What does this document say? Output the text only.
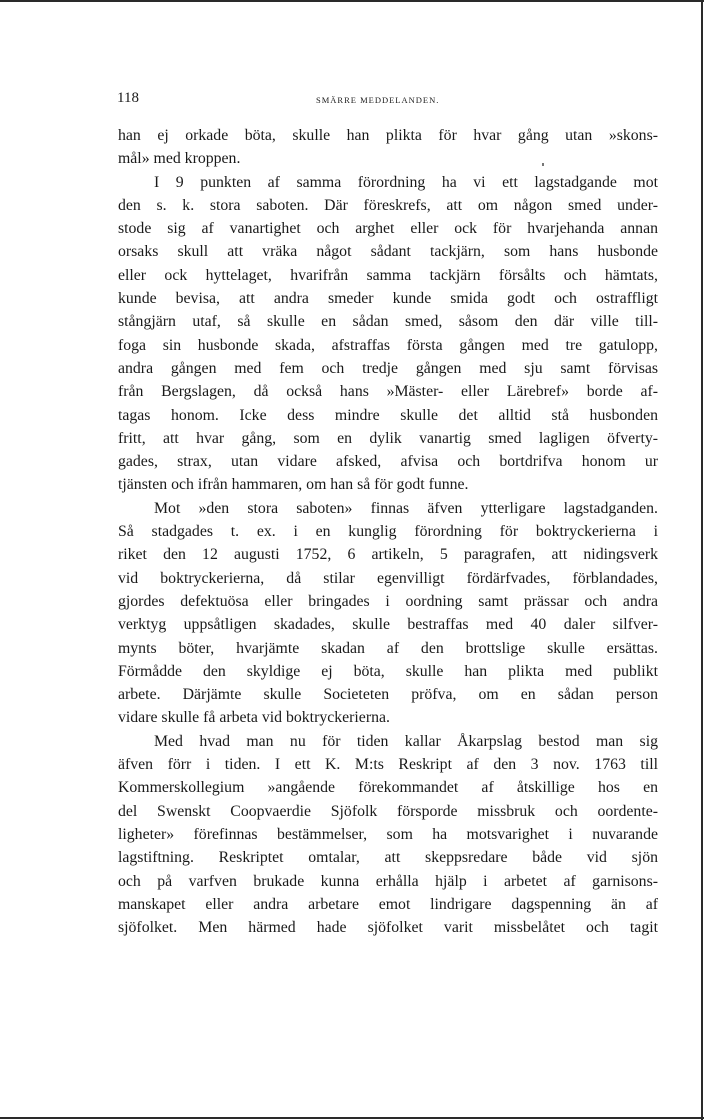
118	SMÄRRE MEDDELANDEN.
han ej orkade böta, skulle han plikta för hvar gång utan »skons-
mål» med kroppen.
I 9 punkten af samma förordning ha vi ett lagstadgande mot
den s. k. stora saboten. Där föreskrefs, att om någon smed under-
stode sig af vanartighet och arghet eller ock för hvarjehanda annan
orsaks skull att vräka något sådant tackjärn, som hans husbonde
eller ock hyttelaget, hvarifrån samma tackjärn försålts och hämtats,
kunde bevisa, att andra smeder kunde smida godt och ostraffligt
stångjärn utaf, så skulle en sådan smed, såsom den där ville till-
foga sin husbonde skada, afstraffas första gången med tre gatulopp,
andra gången med fem och tredje gången med sju samt förvisas
från Bergslagen, då också hans »Mäster- eller Lärebref» borde af-
tagas honom. Icke dess mindre skulle det alltid stå husbonden
fritt, att hvar gång, som en dylik vanartig smed lagligen öfverty-
gades, strax, utan vidare afsked, afvisa och bortdrifva honom ur
tjänsten och ifrån hammaren, om han så för godt funne.
Mot »den stora saboten» finnas äfven ytterligare lagstadganden.
Så stadgades t. ex. i en kunglig förordning för boktryckerierna i
riket den 12 augusti 1752, 6 artikeln, 5 paragrafen, att nidingsverk
vid boktryckerierna, då stilar egenvilligt fördärfvades, förblandades,
gjordes defektuösa eller bringades i oordning samt prässar och andra
verktyg uppsåtligen skadades, skulle bestraffas med 40 daler silfver-
mynts böter, hvarjämte skadan af den brottslige skulle ersättas.
Förmådde den skyldige ej böta, skulle han plikta med publikt
arbete. Därjämte skulle Societeten pröfva, om en sådan person
vidare skulle få arbeta vid boktryckerierna.
Med hvad man nu för tiden kallar Åkarpslag bestod man sig
äfven förr i tiden. I ett K. M:ts Reskript af den 3 nov. 1763 till
Kommerskollegium »angående förekommandet af åtskillige hos en
del Swenskt Coopvaerdie Sjöfolk försporde missbruk och oordente-
ligheter» förefinnas bestämmelser, som ha motsvarighet i nuvarande
lagstiftning. Reskriptet omtalar, att skeppsredare både vid sjön
och på varfven brukade kunna erhålla hjälp i arbetet af garnisons-
manskapet eller andra arbetare emot lindrigare dagspenning än af
sjöfolket. Men härmed hade sjöfolket varit missbelåtet och tagit
